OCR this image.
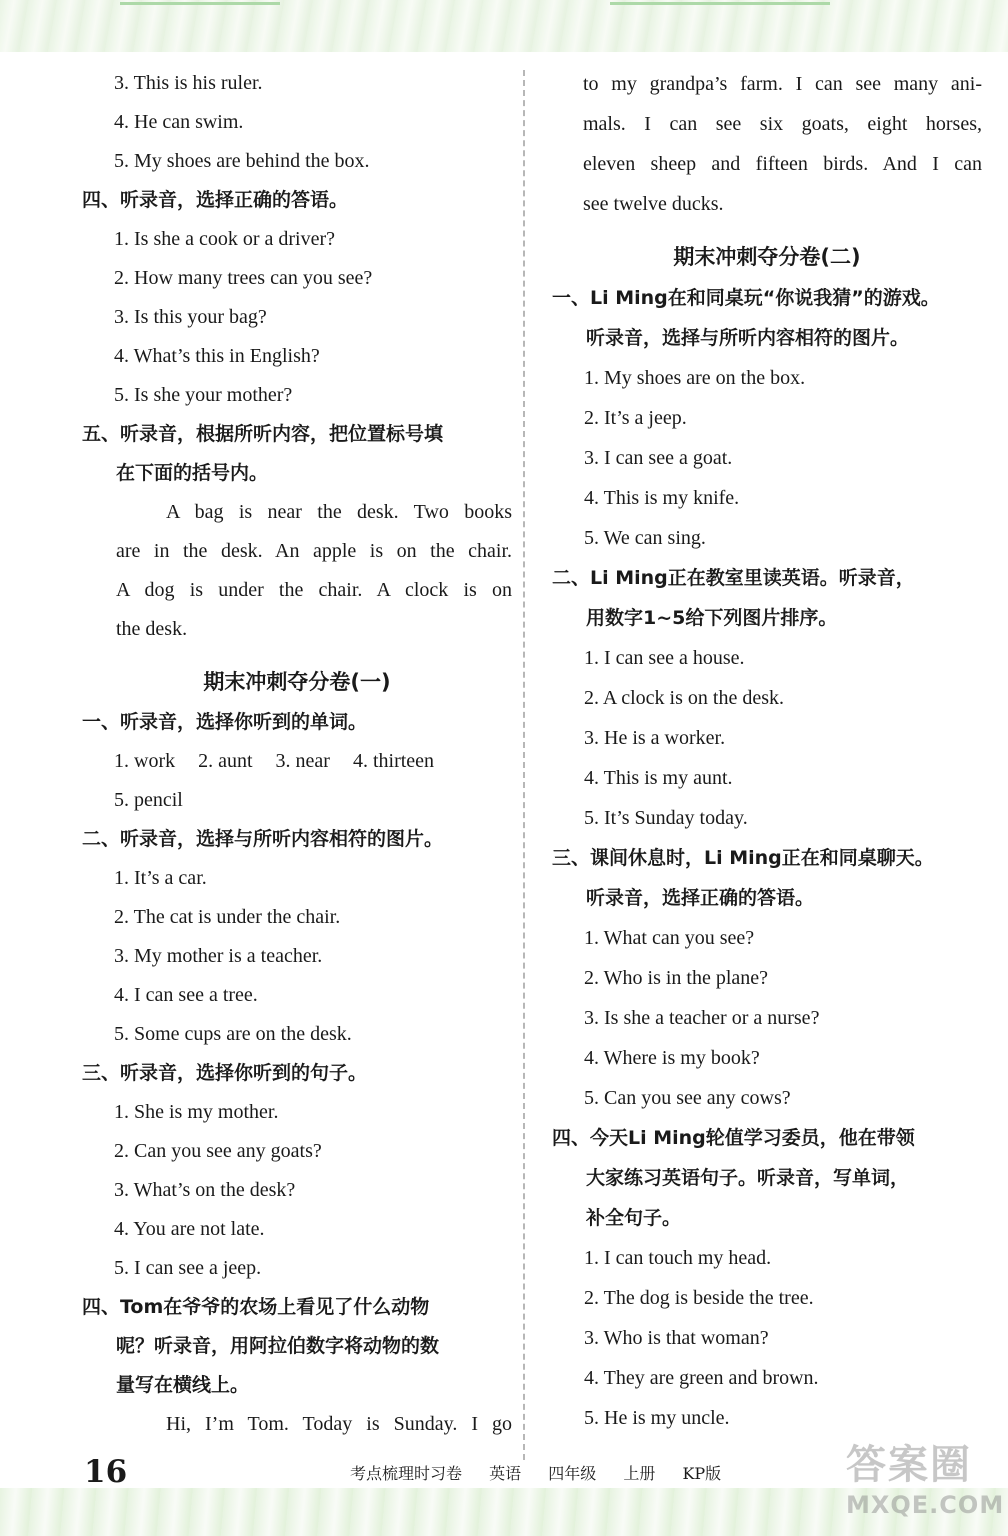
3. This is his ruler.
4. He can swim.
5. My shoes are behind the box.
四、听录音，选择正确的答语。
1. Is she a cook or a driver?
2. How many trees can you see?
3. Is this your bag?
4. What’s this in English?
5. Is she your mother?
五、听录音，根据所听内容，把位置标号填
在下面的括号内。
A bag is near the desk. Two books
are in the desk. An apple is on the chair.
A dog is under the chair. A clock is on
the desk.
期末冲刺夺分卷(一)
一、听录音，选择你听到的单词。
1. work 2. aunt 3. near 4. thirteen
5. pencil
二、听录音，选择与所听内容相符的图片。
1. It’s a car.
2. The cat is under the chair.
3. My mother is a teacher.
4. I can see a tree.
5. Some cups are on the desk.
三、听录音，选择你听到的句子。
1. She is my mother.
2. Can you see any goats?
3. What’s on the desk?
4. You are not late.
5. I can see a jeep.
四、Tom在爷爷的农场上看见了什么动物
呢？听录音，用阿拉伯数字将动物的数
量写在横线上。
Hi, I’m Tom. Today is Sunday. I go
to my grandpa’s farm. I can see many ani-
mals. I can see six goats, eight horses,
eleven sheep and fifteen birds. And I can
see twelve ducks.
期末冲刺夺分卷(二)
一、Li Ming在和同桌玩“你说我猜”的游戏。
听录音，选择与所听内容相符的图片。
1. My shoes are on the box.
2. It’s a jeep.
3. I can see a goat.
4. This is my knife.
5. We can sing.
二、Li Ming正在教室里读英语。听录音，
用数字1~5给下列图片排序。
1. I can see a house.
2. A clock is on the desk.
3. He is a worker.
4. This is my aunt.
5. It’s Sunday today.
三、课间休息时，Li Ming正在和同桌聊天。
听录音，选择正确的答语。
1. What can you see?
2. Who is in the plane?
3. Is she a teacher or a nurse?
4. Where is my book?
5. Can you see any cows?
四、今天Li Ming轮值学习委员，他在带领
大家练习英语句子。听录音，写单词，
补全句子。
1. I can touch my head.
2. The dog is beside the tree.
3. Who is that woman?
4. They are green and brown.
5. He is my uncle.
16	考点梳理时习卷 英语 四年级 上册 KP版	答案圈
MXQE.COM
